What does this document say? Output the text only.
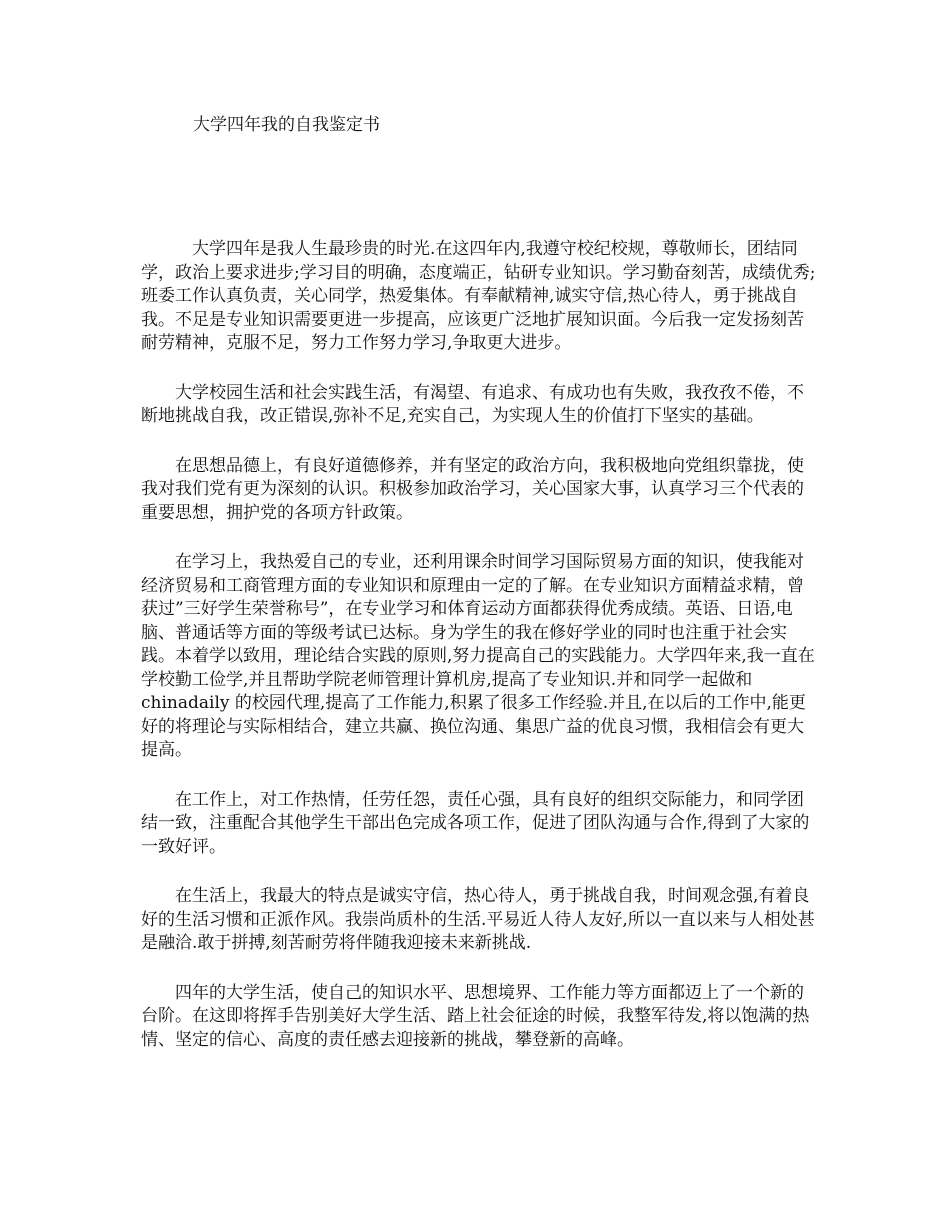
大学四年我的自我鉴定书

大学四年是我人生最珍贵的时光.在这四年内,我遵守校纪校规，尊敬师长，团结同学，政治上要求进步;学习目的明确，态度端正，钻研专业知识。学习勤奋刻苦，成绩优秀;班委工作认真负责，关心同学，热爱集体。有奉献精神,诚实守信,热心待人，勇于挑战自我。不足是专业知识需要更进一步提高，应该更广泛地扩展知识面。今后我一定发扬刻苦耐劳精神，克服不足，努力工作努力学习,争取更大进步。

大学校园生活和社会实践生活，有渴望、有追求、有成功也有失败，我孜孜不倦，不断地挑战自我，改正错误,弥补不足,充实自己，为实现人生的价值打下坚实的基础。

在思想品德上，有良好道德修养，并有坚定的政治方向，我积极地向党组织靠拢，使我对我们党有更为深刻的认识。积极参加政治学习，关心国家大事，认真学习三个代表的重要思想，拥护党的各项方针政策。

在学习上，我热爱自己的专业，还利用课余时间学习国际贸易方面的知识，使我能对经济贸易和工商管理方面的专业知识和原理由一定的了解。在专业知识方面精益求精，曾获过”三好学生荣誉称号”，在专业学习和体育运动方面都获得优秀成绩。英语、日语,电脑、普通话等方面的等级考试已达标。身为学生的我在修好学业的同时也注重于社会实践。本着学以致用，理论结合实践的原则,努力提高自己的实践能力。大学四年来,我一直在学校勤工俭学,并且帮助学院老师管理计算机房,提高了专业知识.并和同学一起做和 chinadaily 的校园代理,提高了工作能力,积累了很多工作经验.并且,在以后的工作中,能更好的将理论与实际相结合，建立共赢、换位沟通、集思广益的优良习惯，我相信会有更大提高。

在工作上，对工作热情，任劳任怨，责任心强，具有良好的组织交际能力，和同学团结一致，注重配合其他学生干部出色完成各项工作，促进了团队沟通与合作,得到了大家的一致好评。

在生活上，我最大的特点是诚实守信，热心待人，勇于挑战自我，时间观念强,有着良好的生活习惯和正派作风。我崇尚质朴的生活.平易近人待人友好,所以一直以来与人相处甚是融洽.敢于拼搏,刻苦耐劳将伴随我迎接未来新挑战.

四年的大学生活，使自己的知识水平、思想境界、工作能力等方面都迈上了一个新的台阶。在这即将挥手告别美好大学生活、踏上社会征途的时候，我整军待发,将以饱满的热情、坚定的信心、高度的责任感去迎接新的挑战，攀登新的高峰。
